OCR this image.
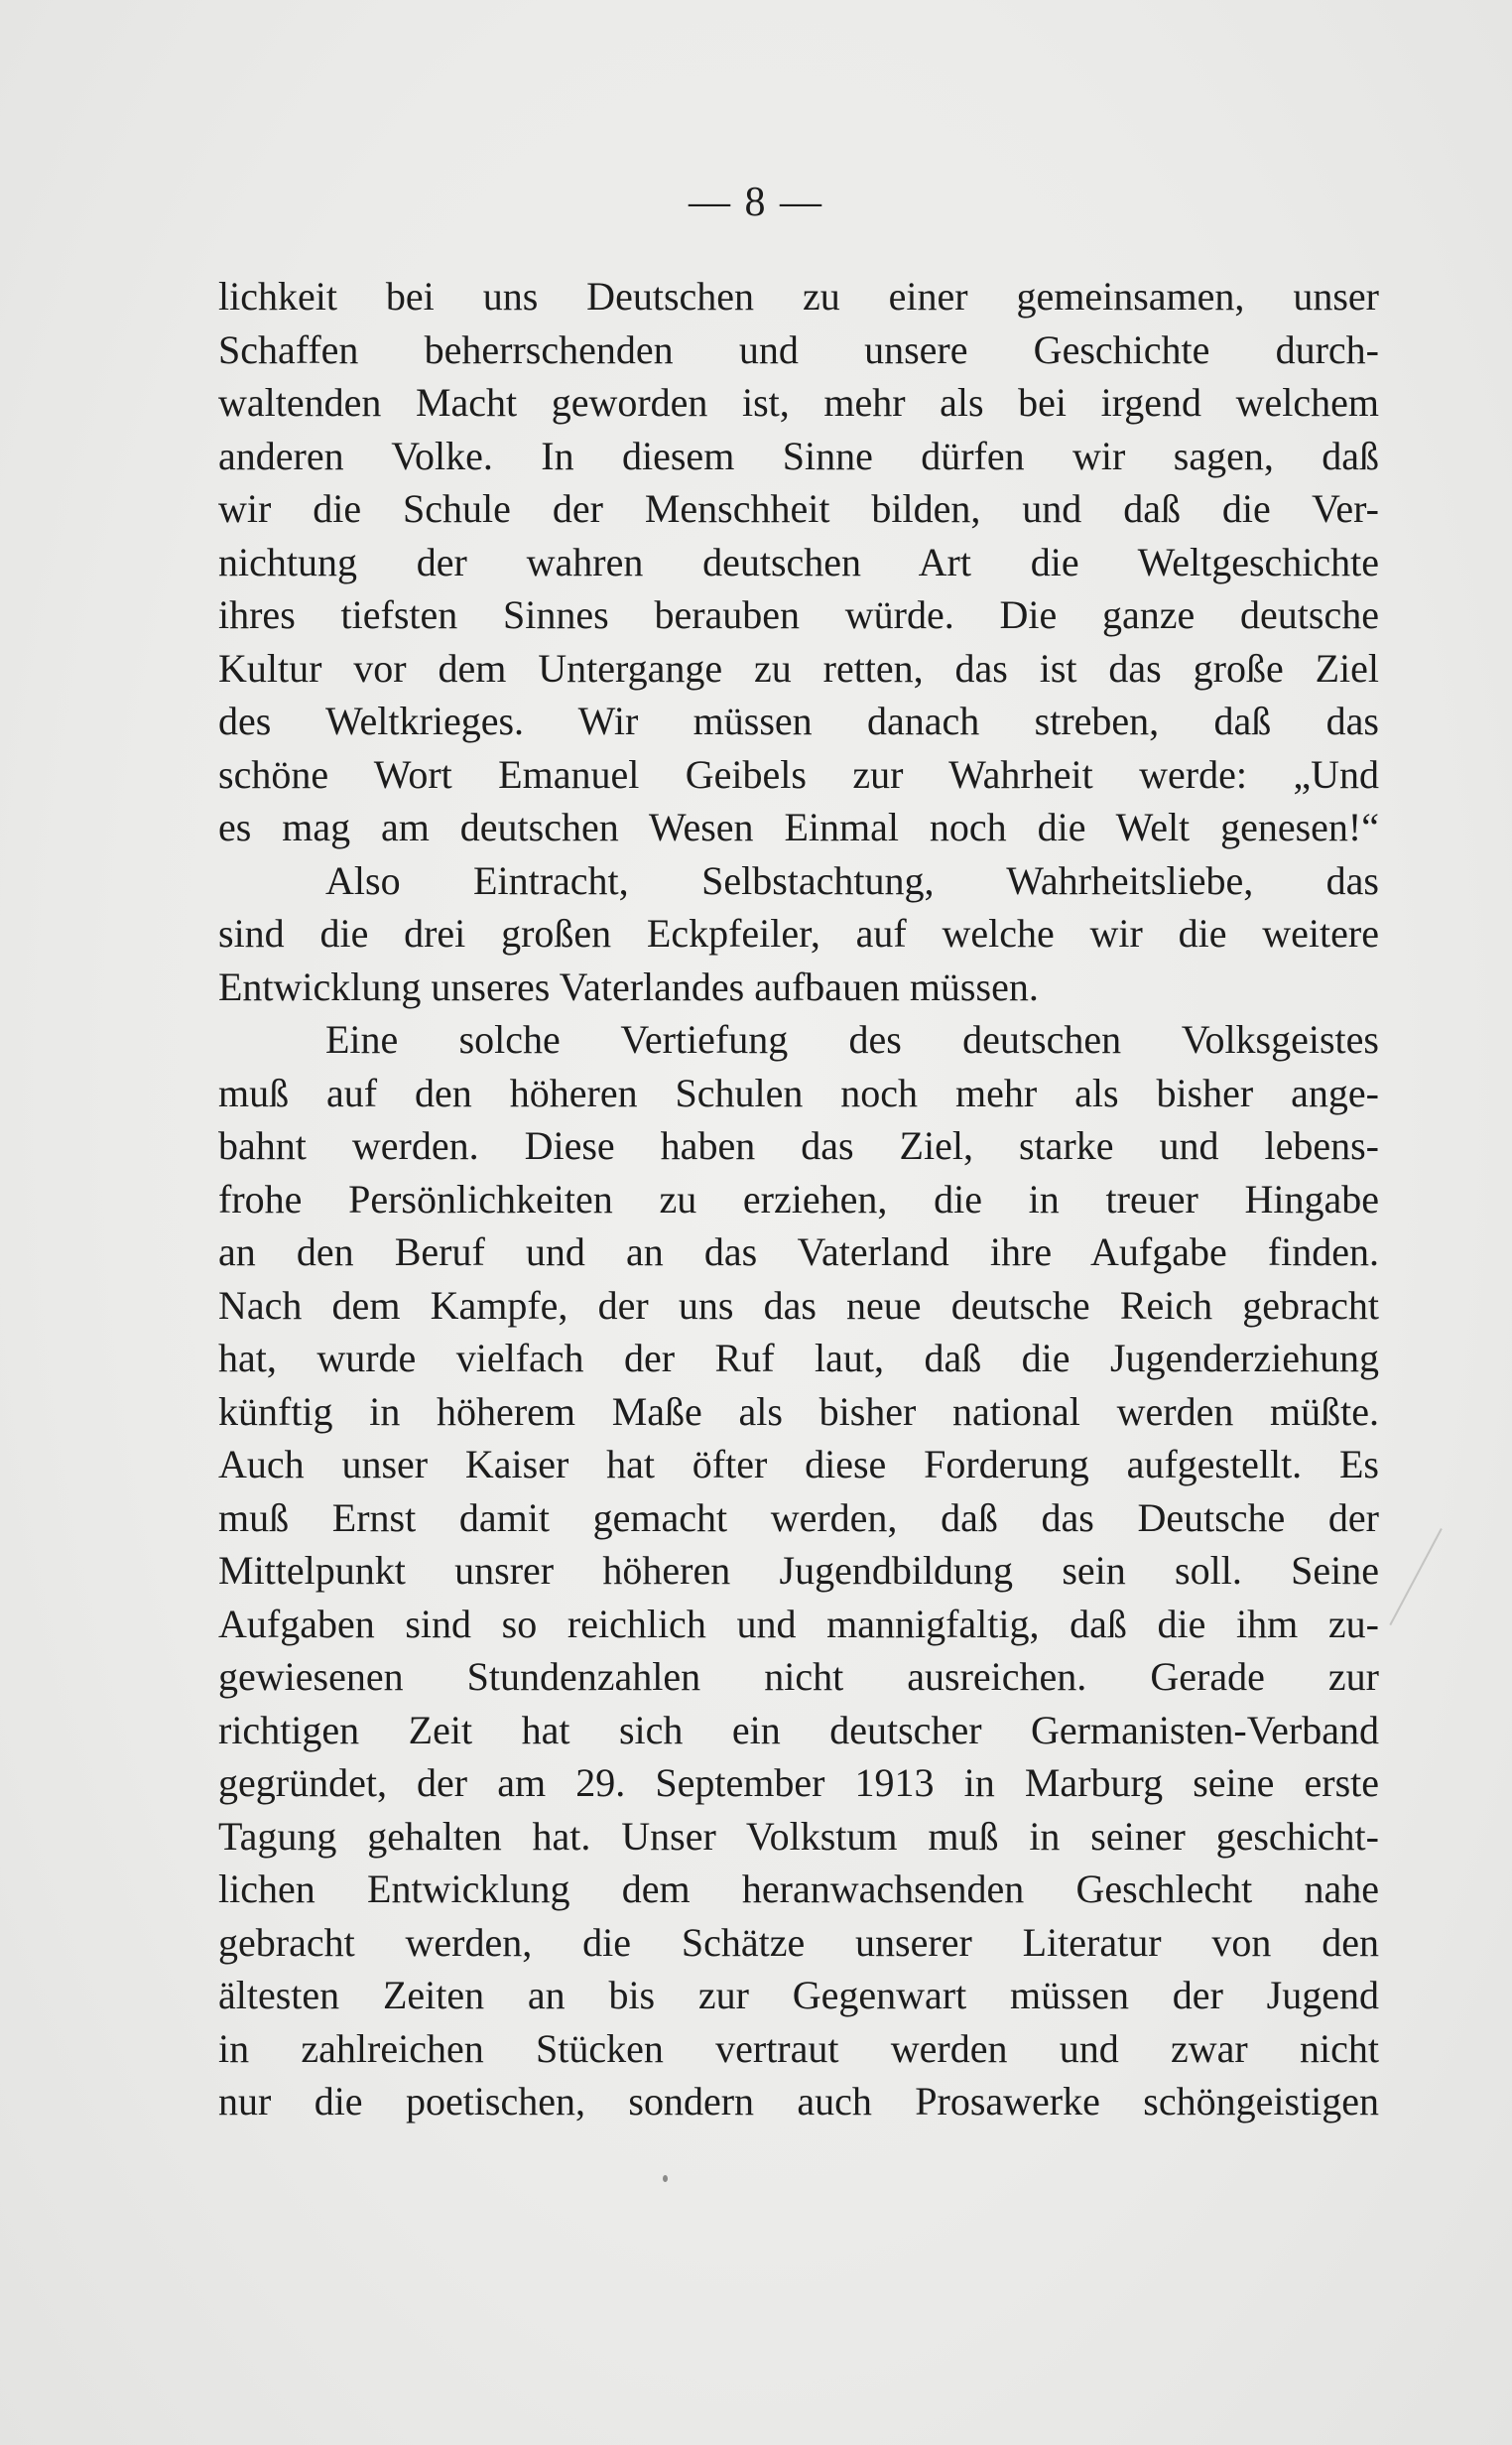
— 8 —
lichkeit bei uns Deutschen zu einer gemeinsamen, unser
Schaffen beherrschenden und unsere Geschichte durch-
waltenden Macht geworden ist, mehr als bei irgend welchem
anderen Volke. In diesem Sinne dürfen wir sagen, daß
wir die Schule der Menschheit bilden, und daß die Ver-
nichtung der wahren deutschen Art die Weltgeschichte
ihres tiefsten Sinnes berauben würde. Die ganze deutsche
Kultur vor dem Untergange zu retten, das ist das große Ziel
des Weltkrieges. Wir müssen danach streben, daß das
schöne Wort Emanuel Geibels zur Wahrheit werde: „Und
es mag am deutschen Wesen Einmal noch die Welt genesen!“
Also Eintracht, Selbstachtung, Wahrheitsliebe, das
sind die drei großen Eckpfeiler, auf welche wir die weitere
Entwicklung unseres Vaterlandes aufbauen müssen.
Eine solche Vertiefung des deutschen Volksgeistes
muß auf den höheren Schulen noch mehr als bisher ange-
bahnt werden. Diese haben das Ziel, starke und lebens-
frohe Persönlichkeiten zu erziehen, die in treuer Hingabe
an den Beruf und an das Vaterland ihre Aufgabe finden.
Nach dem Kampfe, der uns das neue deutsche Reich gebracht
hat, wurde vielfach der Ruf laut, daß die Jugenderziehung
künftig in höherem Maße als bisher national werden müßte.
Auch unser Kaiser hat öfter diese Forderung aufgestellt. Es
muß Ernst damit gemacht werden, daß das Deutsche der
Mittelpunkt unsrer höheren Jugendbildung sein soll. Seine
Aufgaben sind so reichlich und mannigfaltig, daß die ihm zu-
gewiesenen Stundenzahlen nicht ausreichen. Gerade zur
richtigen Zeit hat sich ein deutscher Germanisten-Verband
gegründet, der am 29. September 1913 in Marburg seine erste
Tagung gehalten hat. Unser Volkstum muß in seiner geschicht-
lichen Entwicklung dem heranwachsenden Geschlecht nahe
gebracht werden, die Schätze unserer Literatur von den
ältesten Zeiten an bis zur Gegenwart müssen der Jugend
in zahlreichen Stücken vertraut werden und zwar nicht
nur die poetischen, sondern auch Prosawerke schöngeistigen
